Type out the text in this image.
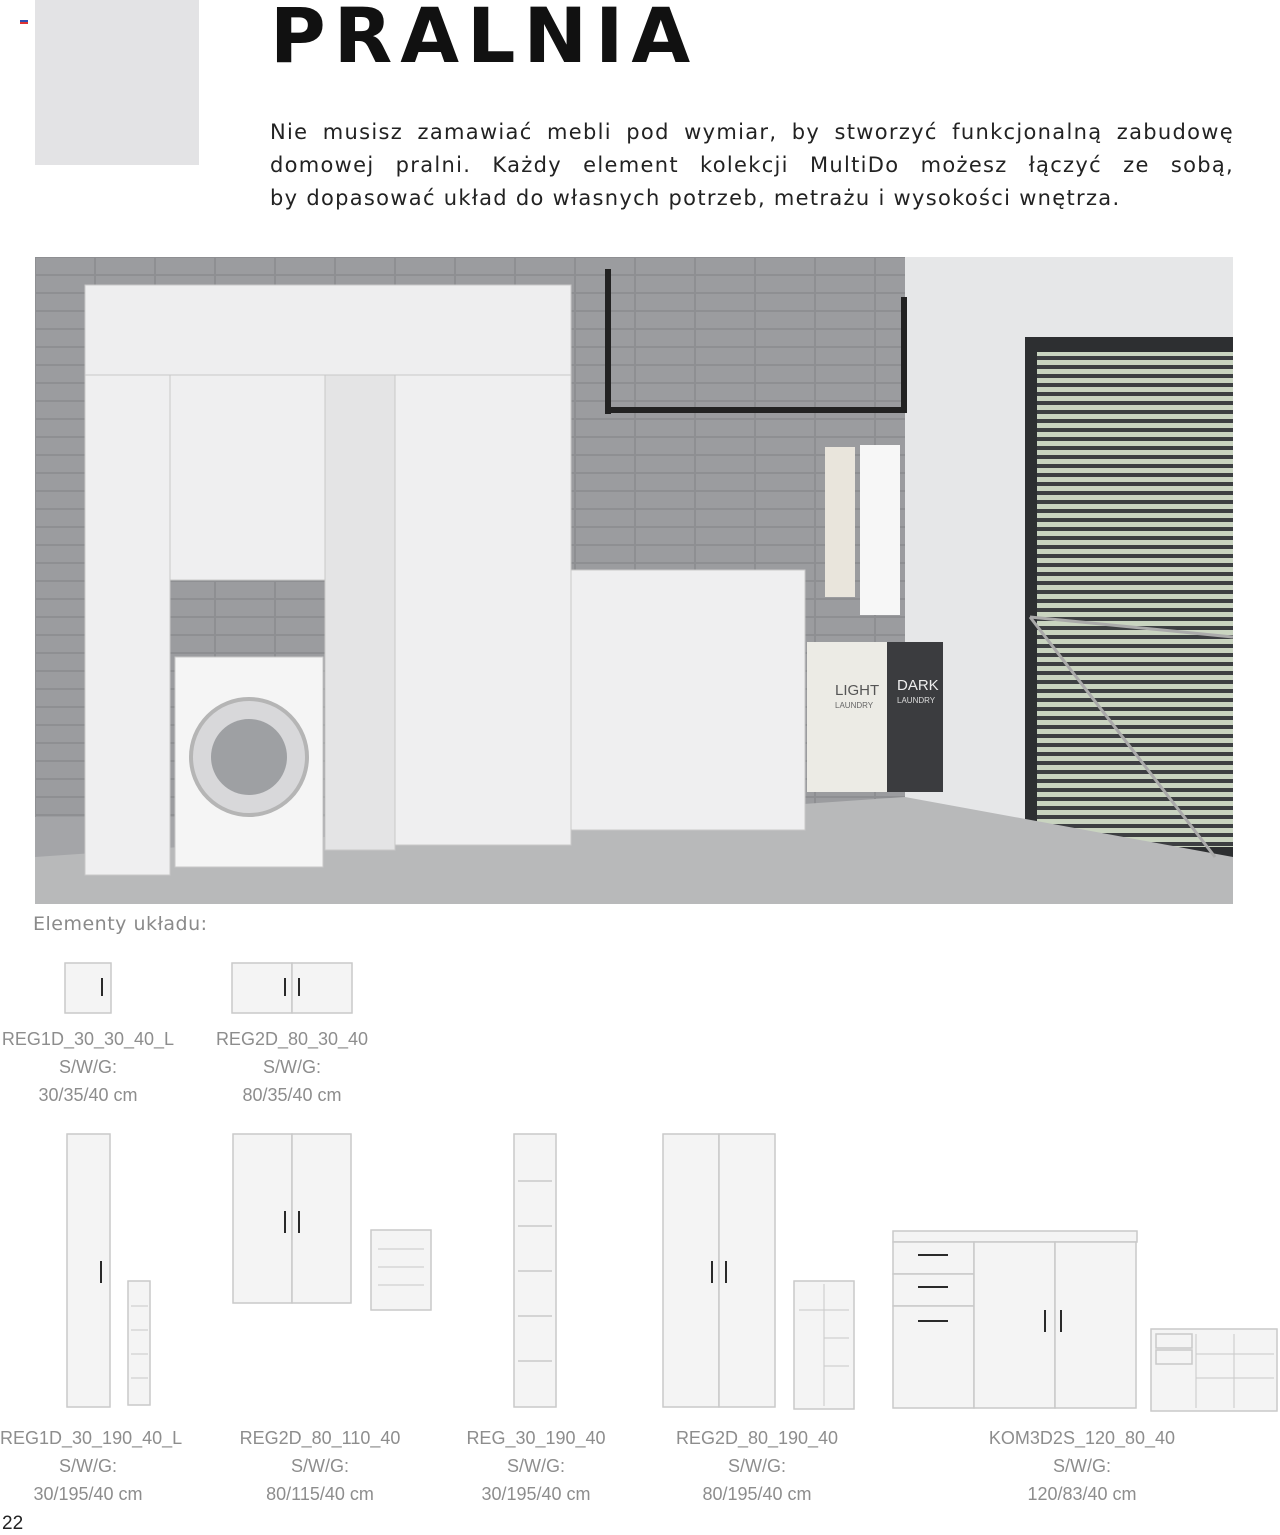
PRALNIA
Nie musisz zamawiać mebli pod wymiar, by stworzyć funkcjonalną zabudowę
domowej pralni. Każdy element kolekcji MultiDo możesz łączyć ze sobą,
by dopasować układ do własnych potrzeb, metrażu i wysokości wnętrza.
LIGHT
LAUNDRY
DARK
LAUNDRY
Elementy układu:
REG1D_30_30_40_L
S/W/G:
30/35/40 cm
REG2D_80_30_40
S/W/G:
80/35/40 cm
REG1D_30_190_40_L
S/W/G:
30/195/40 cm
REG2D_80_110_40
S/W/G:
80/115/40 cm
REG_30_190_40
S/W/G:
30/195/40 cm
REG2D_80_190_40
S/W/G:
80/195/40 cm
KOM3D2S_120_80_40
S/W/G:
120/83/40 cm
22
